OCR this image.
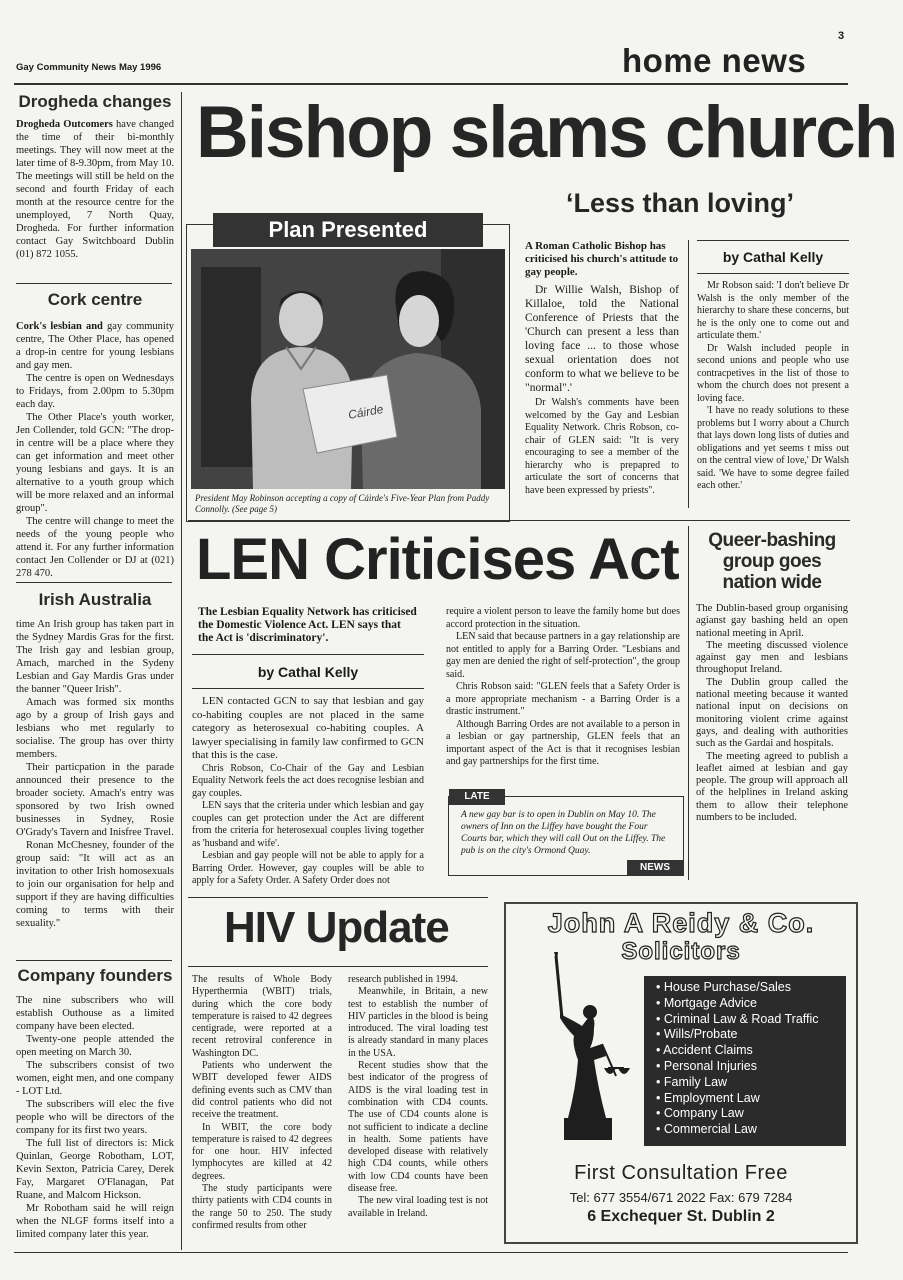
3
Gay Community News May 1996	home news
Drogheda changes

Drogheda Outcomers have changed the time of their bi-monthly meetings. They will now meet at the later time of 8-9.30pm, from May 10. The meetings will still be held on the second and fourth Friday of each month at the resource centre for the unemployed, 7 North Quay, Drogheda. For further information contact Gay Switchboard Dublin (01) 872 1055.

Cork centre

Cork's lesbian and gay community centre, The Other Place, has opened a drop-in centre for young lesbians and gay men.

The centre is open on Wednesdays to Fridays, from 2.00pm to 5.30pm each day.

The Other Place's youth worker, Jen Collender, told GCN: "The drop-in centre will be a place where they can get information and meet other young lesbians and gays. It is an alternative to a youth group which will be more relaxed and an informal group".

The centre will change to meet the needs of the young people who attend it. For any further information contact Jen Collender or DJ at (021) 278 470.

Irish Australia

time An Irish group has taken part in the Sydney Mardis Gras for the first. The Irish gay and lesbian group, Amach, marched in the Sydeny Lesbian and Gay Mardis Gras under the banner "Queer Irish".

Amach was formed six months ago by a group of Irish gays and lesbians who met regularly to socialise. The group has over thirty members.

Their particpation in the parade announced their presence to the broader society. Amach's entry was sponsored by two Irish owned businesses in Sydney, Rosie O'Grady's Tavern and Inisfree Travel.

Ronan McChesney, founder of the group said: "It will act as an invitation to other Irish homosexuals to join our organisation for help and support if they are having difficulties coming to terms with their sexuality."

Company founders

The nine subscribers who will establish Outhouse as a limited company have been elected.

Twenty-one people attended the open meeting on March 30.

The subscribers consist of two women, eight men, and one company - LOT Ltd.

The subscribers will elec the five people who will be directors of the company for its first two years.

The full list of directors is: Mick Quinlan, George Robotham, LOT, Kevin Sexton, Patricia Carey, Derek Fay, Margaret O'Flanagan, Pat Ruane, and Malcom Hickson.

Mr Robotham said he will reign when the NLGF forms itself into a limited company later this year.

Bishop slams church
‘Less than loving’
Plan Presented
Cáirde
President May Robinson accepting a copy of Cáirde's Five-Year Plan from Paddy Connolly. (See page 5)
A Roman Catholic Bishop has criticised his church's attitude to gay people.

Dr Willie Walsh, Bishop of Killaloe, told the National Conference of Priests that the 'Church can present a less than loving face ... to those whose sexual orientation does not conform to what we believe to be "normal".'

Dr Walsh's comments have been welcomed by the Gay and Lesbian Equality Network. Chris Robson, co-chair of GLEN said: "It is very encouraging to see a member of the hierarchy who is prepapred to articulate the sort of concerns that have been expressed by priests".

by Cathal Kelly

Mr Robson said: 'I don't believe Dr Walsh is the only member of the hierarchy to share these concerns, but he is the only one to come out and articulate them.'

Dr Walsh included people in second unions and people who use contracpetives in the list of those to whom the church does not present a loving face.

'I have no ready solutions to these problems but I worry about a Church that lays down long lists of duties and obligations and yet seems t miss out on the central view of love,' Dr Walsh said. 'We have to some degree failed each other.'

LEN Criticises Act
The Lesbian Equality Network has criticised the Domestic Violence Act. LEN says that the Act is 'discriminatory'.
by Cathal Kelly

LEN contacted GCN to say that lesbian and gay co-habiting couples are not placed in the same category as heterosexual co-habiting couples. A lawyer specialising in family law confirmed to GCN that this is the case.

Chris Robson, Co-Chair of the Gay and Lesbian Equality Network feels the act does recognise lesbian and gay couples.

LEN says that the criteria under which lesbian and gay couples can get protection under the Act are different from the criteria for heterosexual couples living together as 'husband and wife'.

Lesbian and gay people will not be able to apply for a Barring Order. However, gay couples will be able to apply for a Safety Order. A Safety Order does not

require a violent person to leave the family home but does accord protection in the situation.

LEN said that because partners in a gay relationship are not entitled to apply for a Barring Order. "Lesbians and gay men are denied the right of self-protection", the group said.

Chris Robson said: "GLEN feels that a Safety Order is a more appropriate mechanism - a Barring Order is a drastic instrument."

Although Barring Ordes are not available to a person in a lesbian or gay partnership, GLEN feels that an important aspect of the Act is that it recognises lesbian and gay partnerships for the first time.

LATE
A new gay bar is to open in Dublin on May 10. The owners of Inn on the Liffey have bought the Four Courts bar, which they will call Out on the Liffey. The pub is on the city's Ormond Quay.
NEWS
Queer-bashing group goes nation wide

The Dublin-based group organising agianst gay bashing held an open national meeting in April.

The meeting discussed violence against gay men and lesbians throughoput Ireland.

The Dublin group called the national meeting because it wanted national input on decisions on monitoring violent crime against gays, and dealing with authorities such as the Gardai and hospitals.

The meeting agreed to publish a leaflet aimed at lesbian and gay people. The group will approach all of the helplines in Ireland asking them to allow their telephone numbers to be included.

HIV Update

The results of Whole Body Hyperthermia (WBIT) trials, during which the core body temperature is raised to 42 degrees centigrade, were reported at a recent retroviral conference in Washington DC.

Patients who underwent the WBIT developed fewer AIDS defining events such as CMV than did control patients who did not receive the treatment.

In WBIT, the core body temperature is raised to 42 degrees for one hour. HIV infected lymphocytes are killed at 42 degrees.

The study participants were thirty patients with CD4 counts in the range 50 to 250. The study confirmed results from other

research published in 1994.

Meanwhile, in Britain, a new test to establish the number of HIV particles in the blood is being introduced. The viral loading test is already standard in many places in the USA.

Recent studies show that the best indicator of the progress of AIDS is the viral loading test in combination with CD4 counts. The use of CD4 counts alone is not sufficient to indicate a decline in health. Some patients have developed disease with relatively high CD4 counts, while others with low CD4 counts have been disease free.

The new viral loading test is not available in Ireland.

John A Reidy & Co.
Solicitors
• House Purchase/Sales
• Mortgage Advice
• Criminal Law & Road Traffic
• Wills/Probate
• Accident Claims
• Personal Injuries
• Family Law
• Employment Law
• Company Law
• Commercial Law
First Consultation Free
Tel: 677 3554/671 2022 Fax: 679 7284
6 Exchequer St. Dublin 2
